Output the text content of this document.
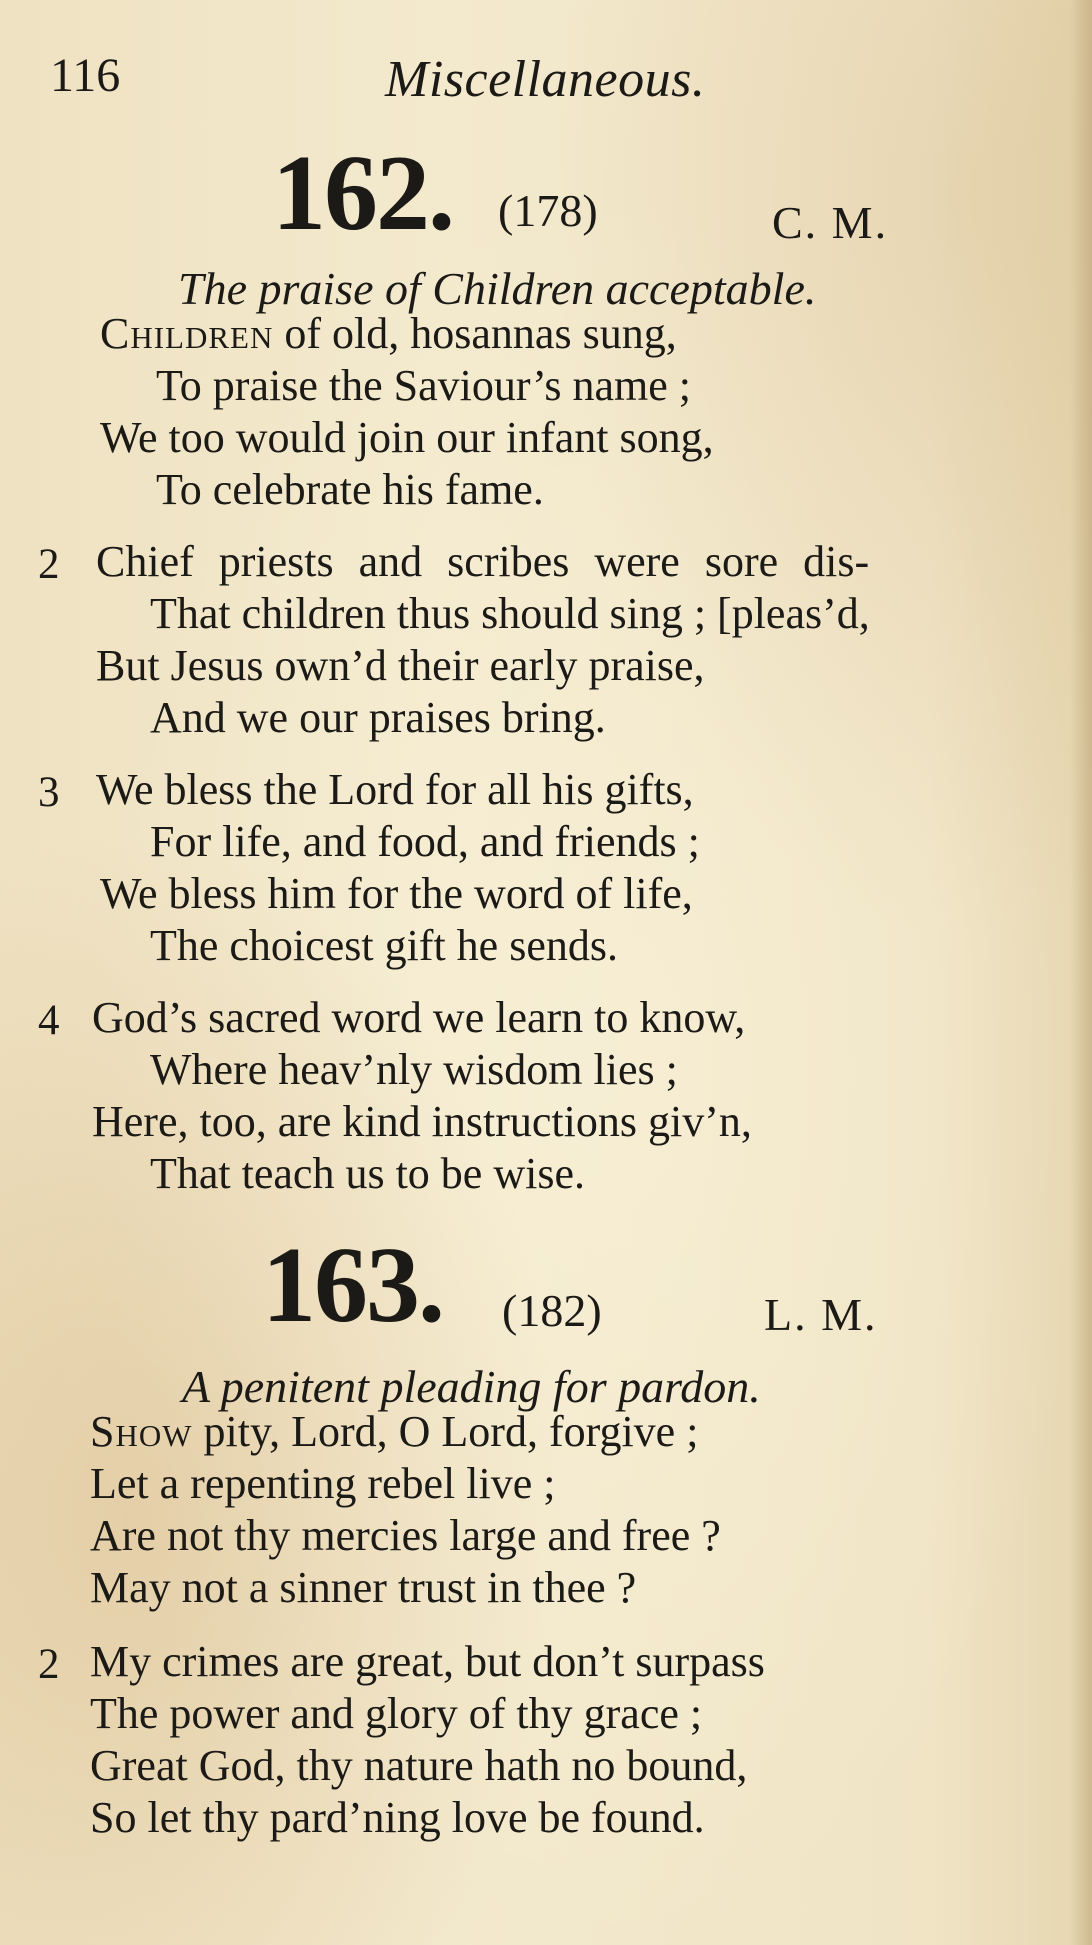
116	Miscellaneous.
162. (178)	C. M.
The praise of Children acceptable.
Children of old, hosannas sung,
To praise the Saviour’s name ;
We too would join our infant song,
To celebrate his fame.
2 Chief priests and scribes were sore dis-
That children thus should sing ; [pleas’d,
But Jesus own’d their early praise,
And we our praises bring.
3 We bless the Lord for all his gifts,
For life, and food, and friends ;
We bless him for the word of life,
The choicest gift he sends.
4 God’s sacred word we learn to know,
Where heav’nly wisdom lies ;
Here, too, are kind instructions giv’n,
That teach us to be wise.
163. (182)	L. M.
A penitent pleading for pardon.
Show pity, Lord, O Lord, forgive ;
Let a repenting rebel live ;
Are not thy mercies large and free ?
May not a sinner trust in thee ?
2 My crimes are great, but don’t surpass
The power and glory of thy grace ;
Great God, thy nature hath no bound,
So let thy pard’ning love be found.
